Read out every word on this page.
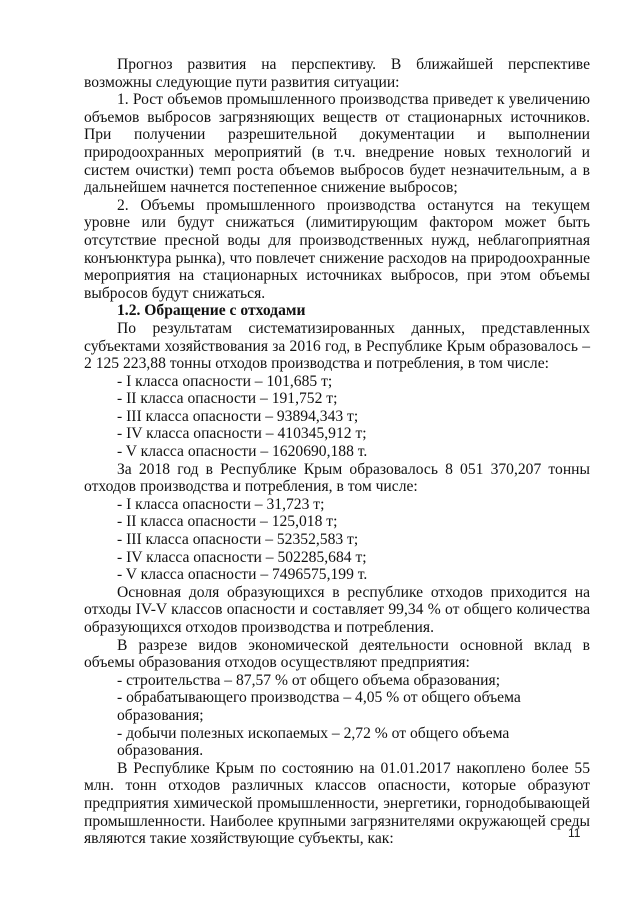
Прогноз развития на перспективу. В ближайшей перспективе возможны следующие пути развития ситуации:

1. Рост объемов промышленного производства приведет к увеличению объемов выбросов загрязняющих веществ от стационарных источников. При получении разрешительной документации и выполнении природоохранных мероприятий (в т.ч. внедрение новых технологий и систем очистки) темп роста объемов выбросов будет незначительным, а в дальнейшем начнется постепенное снижение выбросов;

2. Объемы промышленного производства останутся на текущем уровне или будут снижаться (лимитирующим фактором может быть отсутствие пресной воды для производственных нужд, неблагоприятная конъюнктура рынка), что повлечет снижение расходов на природоохранные мероприятия на стационарных источниках выбросов, при этом объемы выбросов будут снижаться.

1.2. Обращение с отходами

По результатам систематизированных данных, представленных субъектами хозяйствования за 2016 год, в Республике Крым образовалось – 2 125 223,88 тонны отходов производства и потребления, в том числе:

- I класса опасности – 101,685 т;
- II класса опасности – 191,752 т;
- III класса опасности – 93894,343 т;
- IV класса опасности – 410345,912 т;
- V класса опасности – 1620690,188 т.

За 2018 год в Республике Крым образовалось 8 051 370,207 тонны отходов производства и потребления, в том числе:

- I класса опасности – 31,723 т;
- II класса опасности – 125,018 т;
- III класса опасности – 52352,583 т;
- IV класса опасности – 502285,684 т;
- V класса опасности – 7496575,199 т.

Основная доля образующихся в республике отходов приходится на отходы IV-V классов опасности и составляет 99,34 % от общего количества образующихся отходов производства и потребления.

В разрезе видов экономической деятельности основной вклад в объемы образования отходов осуществляют предприятия:

- строительства – 87,57 % от общего объема образования;
- обрабатывающего производства – 4,05 % от общего объема образования;
- добычи полезных ископаемых – 2,72 % от общего объема образования.

В Республике Крым по состоянию на 01.01.2017 накоплено более 55 млн. тонн отходов различных классов опасности, которые образуют предприятия химической промышленности, энергетики, горнодобывающей промышленности. Наиболее крупными загрязнителями окружающей среды являются такие хозяйствующие субъекты, как:	11
